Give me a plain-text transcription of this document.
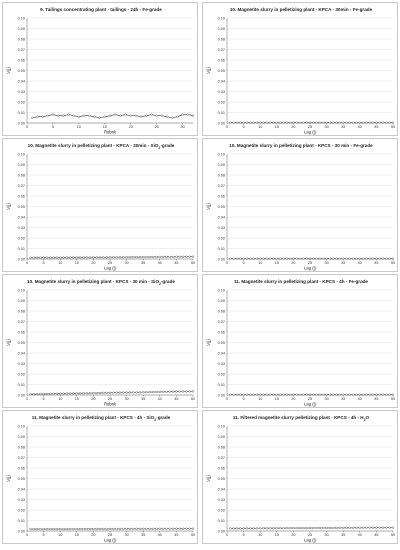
9. Tailings concentrating plant - tailings - 24h - Fe-grade
0.00
0.01
0.02
0.03
0.04
0.05
0.06
0.07
0.08
0.09
0.10
0	5	10	15	20	25	30
Rubrik
V(j)
10. Magnetite slurry in pelletizing plant - KPCA - 30min - Fe-grade
0.00
0.01
0.02
0.03
0.04
0.05
0.06
0.07
0.08
0.09
0.10
0	5	10	15	20	25	30	35	40	45	50
Lag (j)
V(j)
10. Magnetite slurry in pelletizing plant - KPCA - 30min - SiO$_2$-grade
0.00
0.01
0.02
0.03
0.04
0.05
0.06
0.07
0.08
0.09
0.10
0	5	10	15	20	25	30	35	40	45	50
Lag (j)
V(j)
10. Magnetite slurry in pelletizing plant - KPCS - 30 min - Fe-grade
0.00
0.01
0.02
0.03
0.04
0.05
0.06
0.07
0.08
0.09
0.10
0	5	10	15	20	25	30	35	40	45	50
Lag (j)
V(j)
10. Magnetite slurry in pelletizing plant - KPCS - 30 min - SiO$_2$-grade
0.00
0.01
0.02
0.03
0.04
0.05
0.06
0.07
0.08
0.09
0.10
0	5	10	15	20	25	30	35	40	45	50
Rubrik
V(j)
11. Magnetite slurry in pelletizing plant - KPCS - 4h - Fe-grade
0.00
0.01
0.02
0.03
0.04
0.05
0.06
0.07
0.08
0.09
0.10
0	5	10	15	20	25	30	35	40	45	50
Lag (j)
V(j)
11. Magnetite slurry in pelletizing plant - KPCS - 4h - SiO$_2$-grade
0.00
0.01
0.02
0.03
0.04
0.05
0.06
0.07
0.08
0.09
0.10
0	5	10	15	20	25	30	35	40	45	50
Lag (j)
V(j)
11. Filtered magnetite slurry pelletizing plant - KPCS - $4h - H_2O$
0.00
0.01
0.02
0.03
0.04
0.05
0.06
0.07
0.08
0.09
0.10
0	5	10	15	20	25	30	35	40	45	50
Lag (j)
V(j)
